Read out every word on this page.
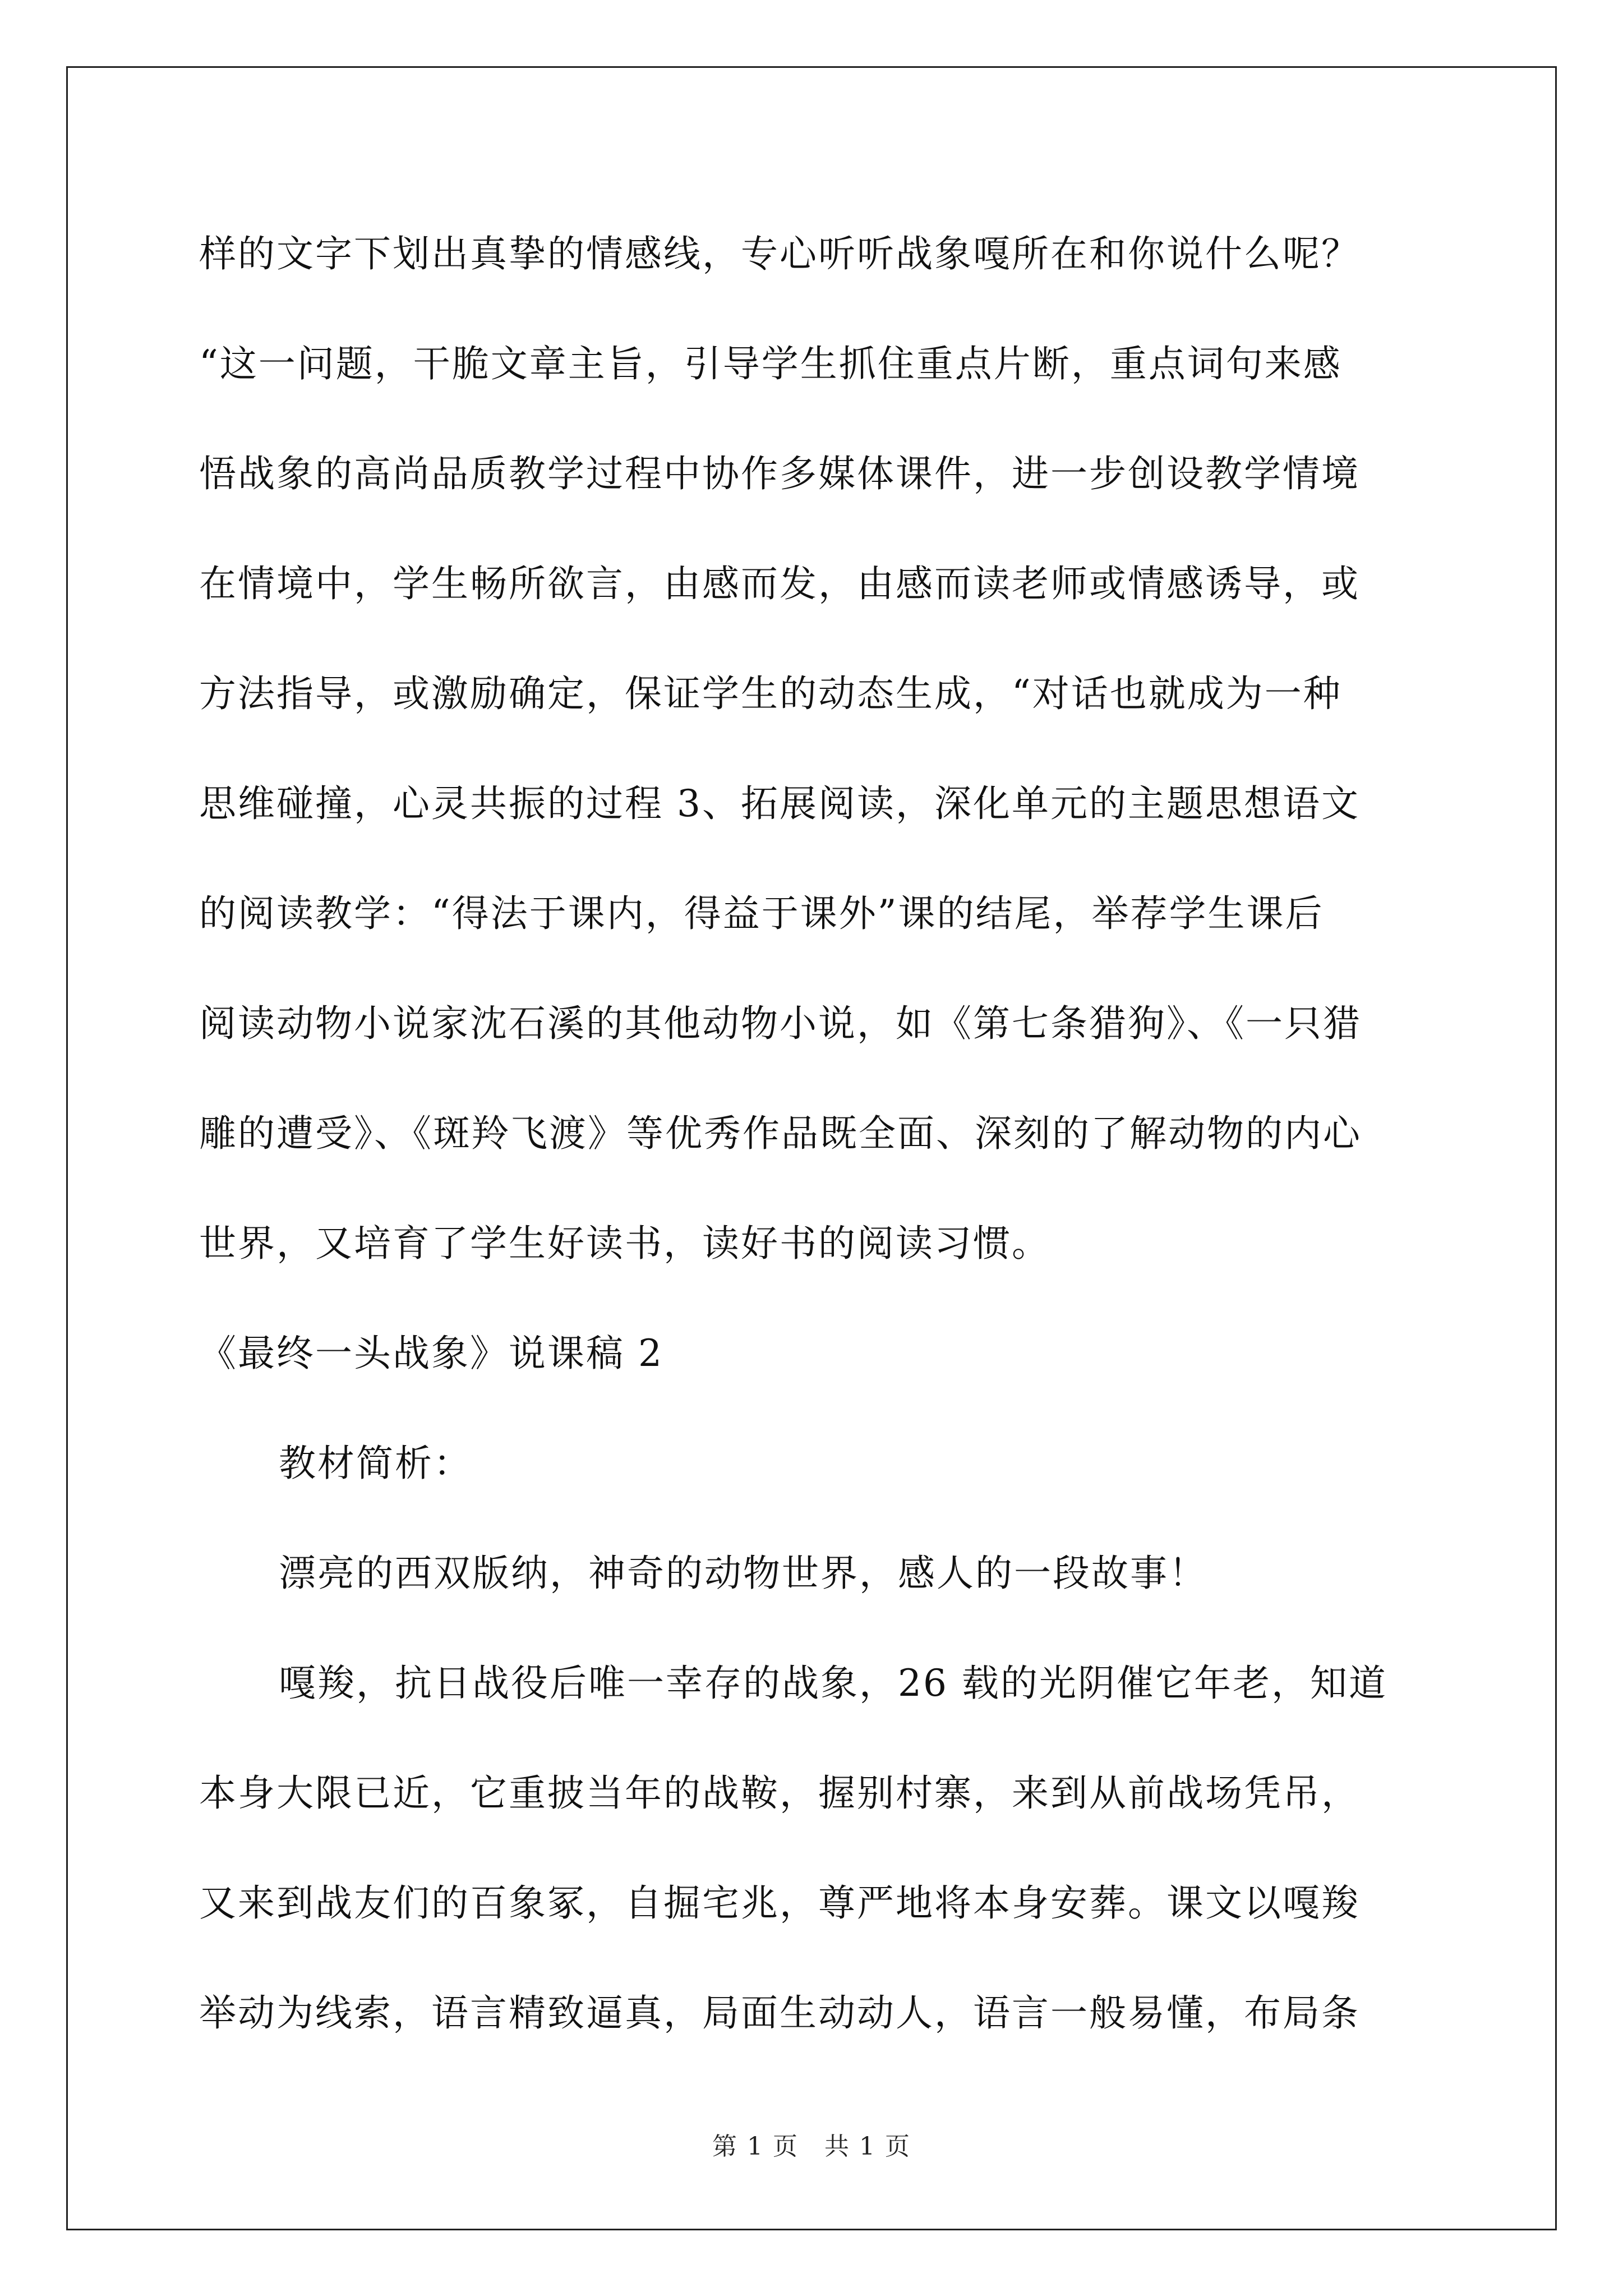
样的文字下划出真挚的情感线，专心听听战象嘎所在和你说什么呢？
“这一问题，干脆文章主旨，引导学生抓住重点片断，重点词句来感
悟战象的高尚品质教学过程中协作多媒体课件，进一步创设教学情境
在情境中，学生畅所欲言，由感而发，由感而读老师或情感诱导，或
方法指导，或激励确定，保证学生的动态生成，“对话也就成为一种
思维碰撞，心灵共振的过程 3、拓展阅读，深化单元的主题思想语文
的阅读教学：“得法于课内，得益于课外”课的结尾，举荐学生课后
阅读动物小说家沈石溪的其他动物小说，如《第七条猎狗》、《一只猎
雕的遭受》、《斑羚飞渡》等优秀作品既全面、深刻的了解动物的内心
世界，又培育了学生好读书，读好书的阅读习惯。
《最终一头战象》说课稿 2
教材简析：
漂亮的西双版纳，神奇的动物世界，感人的一段故事！
嘎羧，抗日战役后唯一幸存的战象，26 载的光阴催它年老，知道
本身大限已近，它重披当年的战鞍，握别村寨，来到从前战场凭吊，
又来到战友们的百象冢，自掘宅兆，尊严地将本身安葬。课文以嘎羧
举动为线索，语言精致逼真，局面生动动人，语言一般易懂，布局条
第 1 页　共 1 页
